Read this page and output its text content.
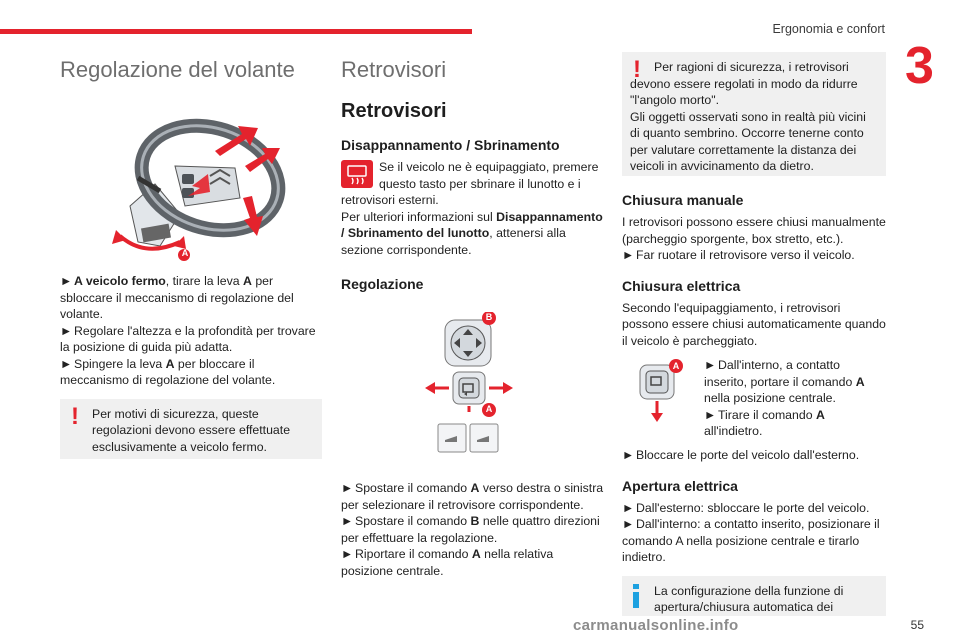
Ergonomia e confort
3
Regolazione del volante
A
► A veicolo fermo, tirare la leva A per sbloccare il meccanismo di regolazione del volante.
► Regolare l'altezza e la profondità per trovare la posizione di guida più adatta.
► Spingere la leva A per bloccare il meccanismo di regolazione del volante.
!	Per motivi di sicurezza, queste regolazioni devono essere effettuate esclusivamente a veicolo fermo.
Retrovisori
Retrovisori
Disappannamento / Sbrinamento
Se il veicolo ne è equipaggiato, premere questo tasto per sbrinare il lunotto e i retrovisori esterni.
Per ulteriori informazioni sul Disappannamento / Sbrinamento del lunotto, attenersi alla sezione corrispondente.
Regolazione
B
A
► Spostare il comando A verso destra o sinistra per selezionare il retrovisore corrispondente.
► Spostare il comando B nelle quattro direzioni per effettuare la regolazione.
► Riportare il comando A nella relativa posizione centrale.
!	Per ragioni di sicurezza, i retrovisori devono essere regolati in modo da ridurre "l'angolo morto".
Gli oggetti osservati sono in realtà più vicini di quanto sembrino. Occorre tenerne conto per valutare correttamente la distanza dei veicoli in avvicinamento da dietro.
Chiusura manuale
I retrovisori possono essere chiusi manualmente (parcheggio sporgente, box stretto, etc.).
► Far ruotare il retrovisore verso il veicolo.
Chiusura elettrica
Secondo l'equipaggiamento, i retrovisori possono essere chiusi automaticamente quando il veicolo è parcheggiato.
A ► Dall'interno, a contatto inserito, portare il comando A nella posizione centrale.
► Tirare il comando A all'indietro.
► Bloccare le porte del veicolo dall'esterno.
Apertura elettrica
► Dall'esterno: sbloccare le porte del veicolo.
► Dall'interno: a contatto inserito, posizionare il comando A nella posizione centrale e tirarlo indietro.
La configurazione della funzione di apertura/chiusura automatica dei
carmanualsonline.info	55
